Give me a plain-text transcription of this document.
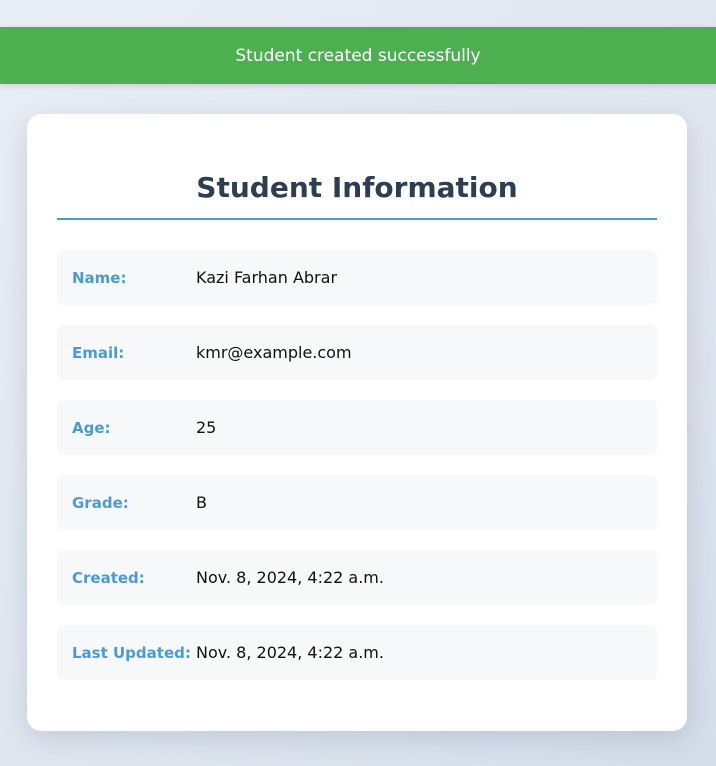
Student created successfully
Student Information
Name:	Kazi Farhan Abrar
Email:	kmr@example.com
Age:	25
Grade:	B
Created:	Nov. 8, 2024, 4:22 a.m.
Last Updated: Nov. 8, 2024, 4:22 a.m.
